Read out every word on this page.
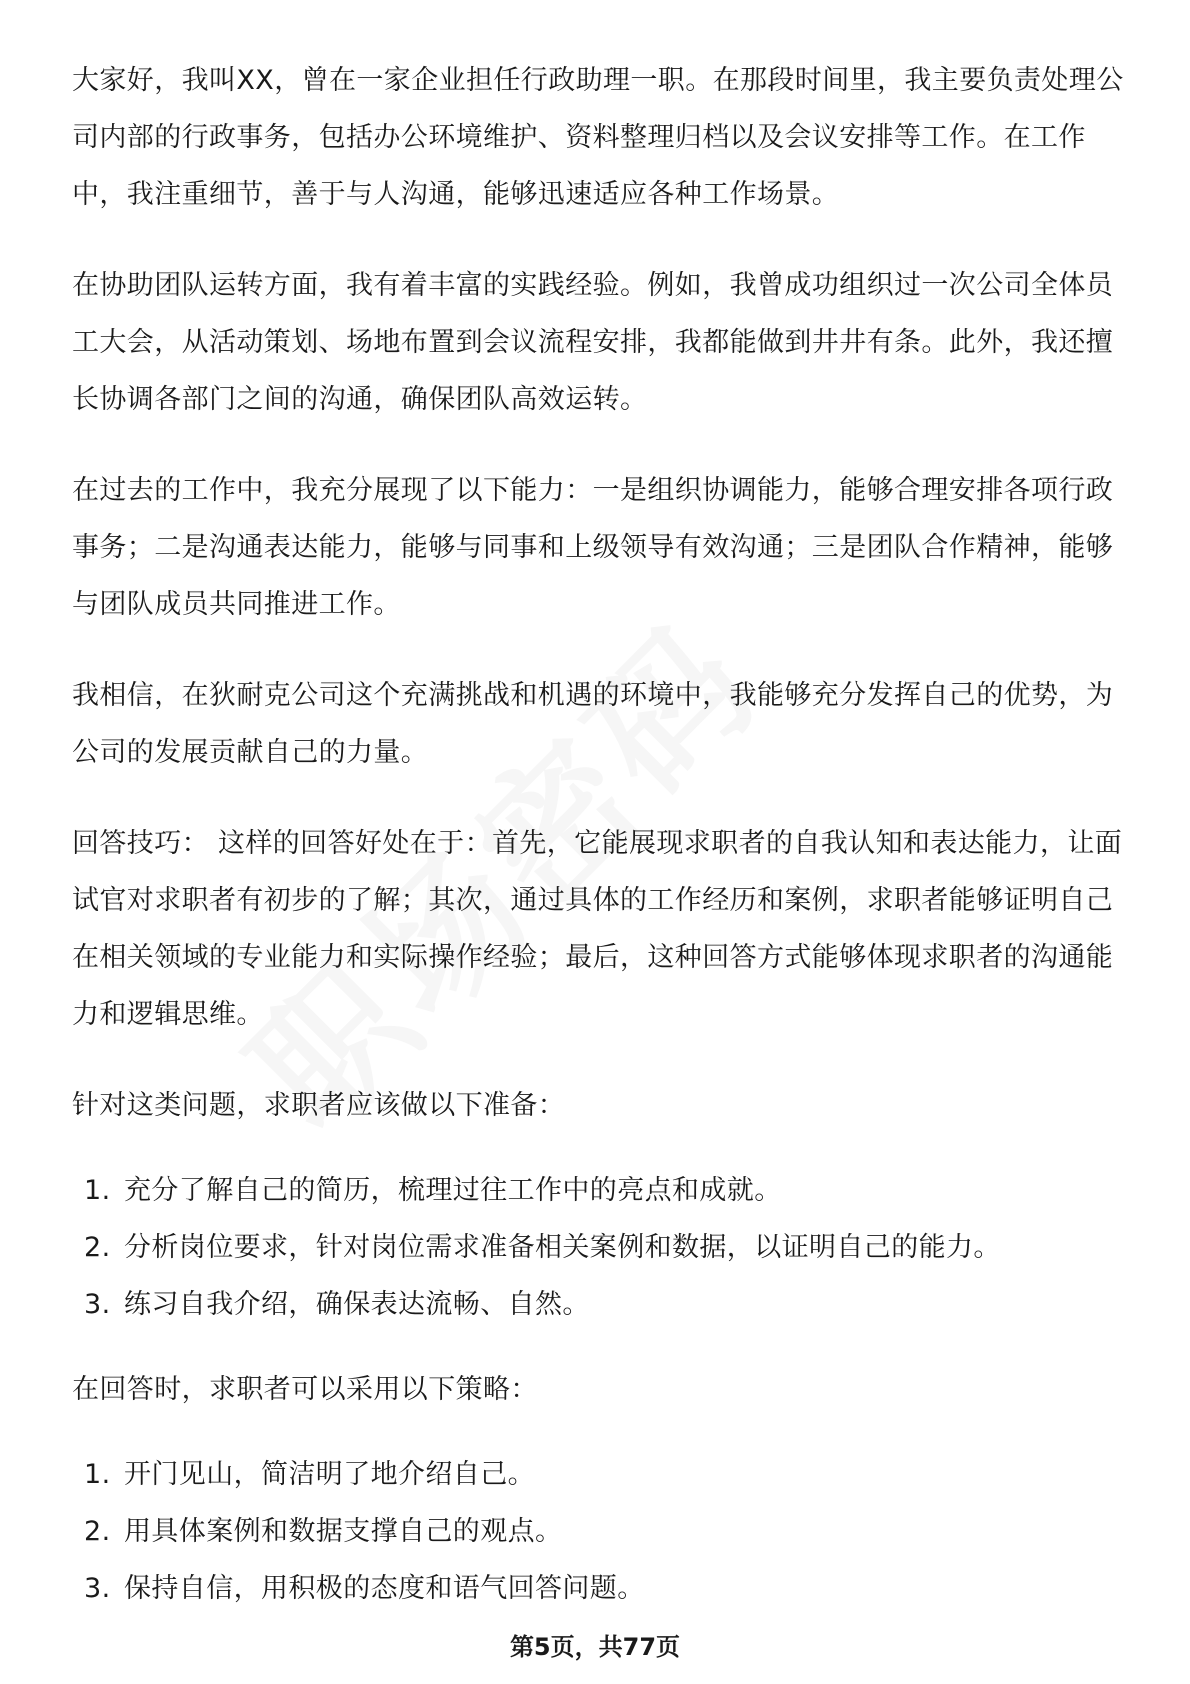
大家好，我叫XX，曾在一家企业担任行政助理一职。在那段时间里，我主要负责处理公司内部的行政事务，包括办公环境维护、资料整理归档以及会议安排等工作。在工作中，我注重细节，善于与人沟通，能够迅速适应各种工作场景。

在协助团队运转方面，我有着丰富的实践经验。例如，我曾成功组织过一次公司全体员工大会，从活动策划、场地布置到会议流程安排，我都能做到井井有条。此外，我还擅长协调各部门之间的沟通，确保团队高效运转。

在过去的工作中，我充分展现了以下能力：一是组织协调能力，能够合理安排各项行政事务；二是沟通表达能力，能够与同事和上级领导有效沟通；三是团队合作精神，能够与团队成员共同推进工作。

我相信，在狄耐克公司这个充满挑战和机遇的环境中，我能够充分发挥自己的优势，为公司的发展贡献自己的力量。

回答技巧： 这样的回答好处在于：首先，它能展现求职者的自我认知和表达能力，让面试官对求职者有初步的了解；其次，通过具体的工作经历和案例，求职者能够证明自己在相关领域的专业能力和实际操作经验；最后，这种回答方式能够体现求职者的沟通能力和逻辑思维。

针对这类问题，求职者应该做以下准备：

1. 充分了解自己的简历，梳理过往工作中的亮点和成就。
2. 分析岗位要求，针对岗位需求准备相关案例和数据，以证明自己的能力。
3. 练习自我介绍，确保表达流畅、自然。

在回答时，求职者可以采用以下策略：

1. 开门见山，简洁明了地介绍自己。
2. 用具体案例和数据支撑自己的观点。
3. 保持自信，用积极的态度和语气回答问题。
第5页，共77页
